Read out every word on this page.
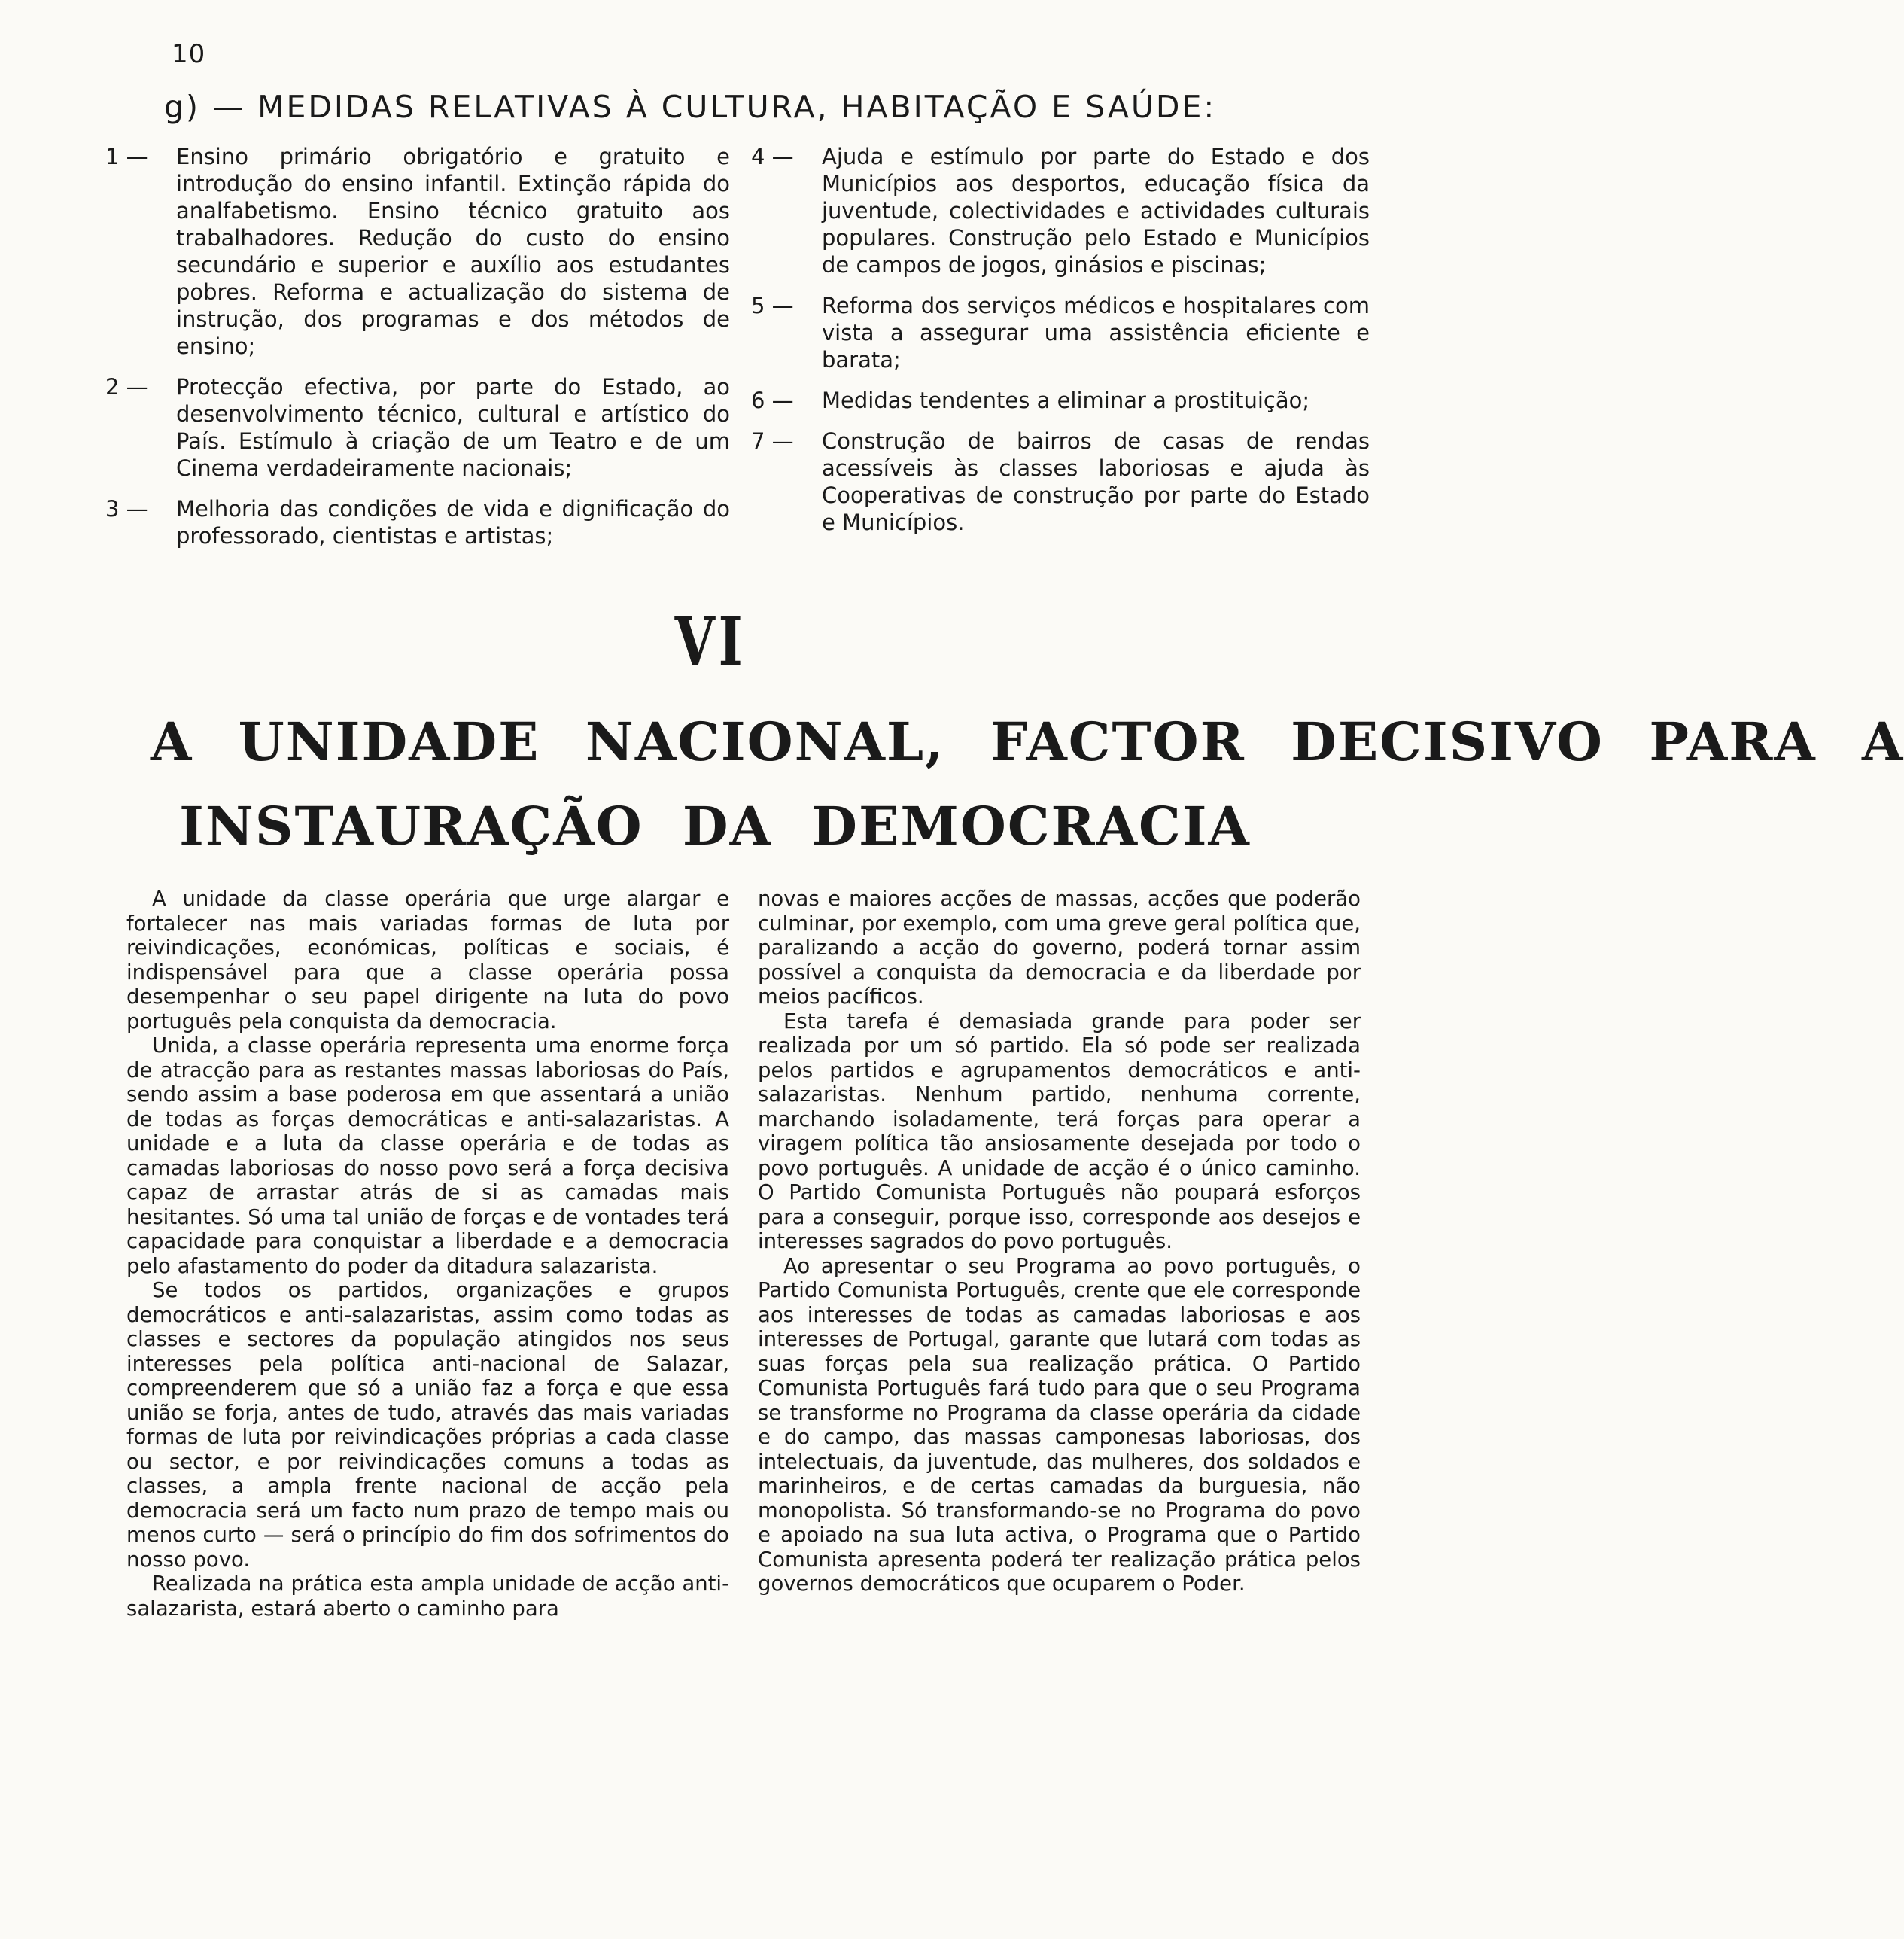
10
g) — MEDIDAS RELATIVAS À CULTURA, HABITAÇÃO E SAÚDE:
1 —	Ensino primário obrigatório e gratuito e introdução do ensino infantil. Extinção rápida do analfabetismo. Ensino técnico gratuito aos trabalhadores. Redução do custo do ensino secundário e superior e auxílio aos estudantes pobres. Reforma e actualização do sistema de instrução, dos programas e dos métodos de ensino;
2 —	Protecção efectiva, por parte do Estado, ao desenvolvimento técnico, cultural e artístico do País. Estímulo à criação de um Teatro e de um Cinema verdadeiramente nacionais;
3 —	Melhoria das condições de vida e dignificação do professorado, cientistas e artistas;
4 —	Ajuda e estímulo por parte do Estado e dos Municípios aos desportos, educação física da juventude, colectividades e actividades culturais populares. Construção pelo Estado e Municípios de campos de jogos, ginásios e piscinas;
5 —	Reforma dos serviços médicos e hospitalares com vista a assegurar uma assistência eficiente e barata;
6 —	Medidas tendentes a eliminar a prostituição;
7 —	Construção de bairros de casas de rendas acessíveis às classes laboriosas e ajuda às Cooperativas de construção por parte do Estado e Municípios.
VI
A UNIDADE NACIONAL, FACTOR DECISIVO PARA A
INSTAURAÇÃO DA DEMOCRACIA

A unidade da classe operária que urge alargar e fortalecer nas mais variadas formas de luta por reivindicações, económicas, políticas e sociais, é indispensável para que a classe operária possa desempenhar o seu papel dirigente na luta do povo português pela conquista da democracia.

Unida, a classe operária representa uma enorme força de atracção para as restantes massas laboriosas do País, sendo assim a base poderosa em que assentará a união de todas as forças democráticas e anti-salazaristas. A unidade e a luta da classe operária e de todas as camadas laboriosas do nosso povo será a força decisiva capaz de arrastar atrás de si as camadas mais hesitantes. Só uma tal união de forças e de vontades terá capacidade para conquistar a liberdade e a democracia pelo afastamento do poder da ditadura salazarista.

Se todos os partidos, organizações e grupos democráticos e anti-salazaristas, assim como todas as classes e sectores da população atingidos nos seus interesses pela política anti-nacional de Salazar, compreenderem que só a união faz a força e que essa união se forja, antes de tudo, através das mais variadas formas de luta por reivindicações próprias a cada classe ou sector, e por reivindicações comuns a todas as classes, a ampla frente nacional de acção pela democracia será um facto num prazo de tempo mais ou menos curto — será o princípio do fim dos sofrimentos do nosso povo.

Realizada na prática esta ampla unidade de acção anti-salazarista, estará aberto o caminho para

novas e maiores acções de massas, acções que poderão culminar, por exemplo, com uma greve geral política que, paralizando a acção do governo, poderá tornar assim possível a conquista da democracia e da liberdade por meios pacíficos.

Esta tarefa é demasiada grande para poder ser realizada por um só partido. Ela só pode ser realizada pelos partidos e agrupamentos democráticos e anti-salazaristas. Nenhum partido, nenhuma corrente, marchando isoladamente, terá forças para operar a viragem política tão ansiosamente desejada por todo o povo português. A unidade de acção é o único caminho. O Partido Comunista Português não poupará esforços para a conseguir, porque isso, corresponde aos desejos e interesses sagrados do povo português.

Ao apresentar o seu Programa ao povo português, o Partido Comunista Português, crente que ele corresponde aos interesses de todas as camadas laboriosas e aos interesses de Portugal, garante que lutará com todas as suas forças pela sua realização prática. O Partido Comunista Português fará tudo para que o seu Programa se transforme no Programa da classe operária da cidade e do campo, das massas camponesas laboriosas, dos intelectuais, da juventude, das mulheres, dos soldados e marinheiros, e de certas camadas da burguesia, não monopolista. Só transformando-se no Programa do povo e apoiado na sua luta activa, o Programa que o Partido Comunista apresenta poderá ter realização prática pelos governos democráticos que ocuparem o Poder.
